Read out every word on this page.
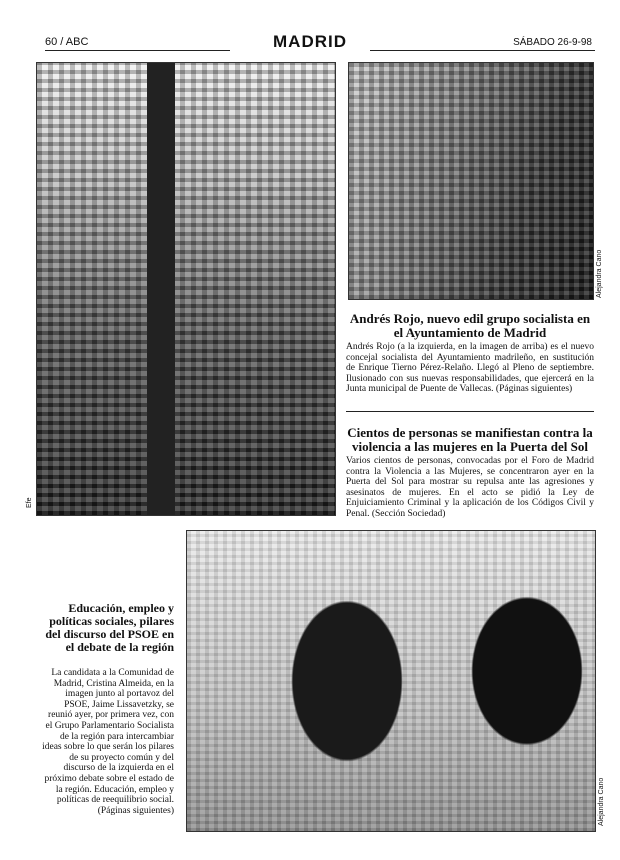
60 / ABC	MADRID	SÁBADO 26-9-98
Efe
Alejandra Cano
Andrés Rojo, nuevo edil grupo socialista en el Ayuntamiento de Madrid
Andrés Rojo (a la izquierda, en la imagen de arriba) es el nuevo concejal socialista del Ayuntamiento madrileño, en sustitución de Enrique Tierno Pérez-Relaño. Llegó al Pleno de septiembre. Ilusionado con sus nuevas responsabilidades, que ejercerá en la Junta municipal de Puente de Vallecas. (Páginas siguientes)
Cientos de personas se manifiestan contra la violencia a las mujeres en la Puerta del Sol
Varios cientos de personas, convocadas por el Foro de Madrid contra la Violencia a las Mujeres, se concentraron ayer en la Puerta del Sol para mostrar su repulsa ante las agresiones y asesinatos de mujeres. En el acto se pidió la Ley de Enjuiciamiento Criminal y la aplicación de los Códigos Civil y Penal. (Sección Sociedad)
Alejandra Cano
Educación, empleo y políticas sociales, pilares del discurso del PSOE en el debate de la región
La candidata a la Comunidad de Madrid, Cristina Almeida, en la imagen junto al portavoz del PSOE, Jaime Lissavetzky, se reunió ayer, por primera vez, con el Grupo Parlamentario Socialista de la región para intercambiar ideas sobre lo que serán los pilares de su proyecto común y del discurso de la izquierda en el próximo debate sobre el estado de la región. Educación, empleo y políticas de reequilibrio social. (Páginas siguientes)
